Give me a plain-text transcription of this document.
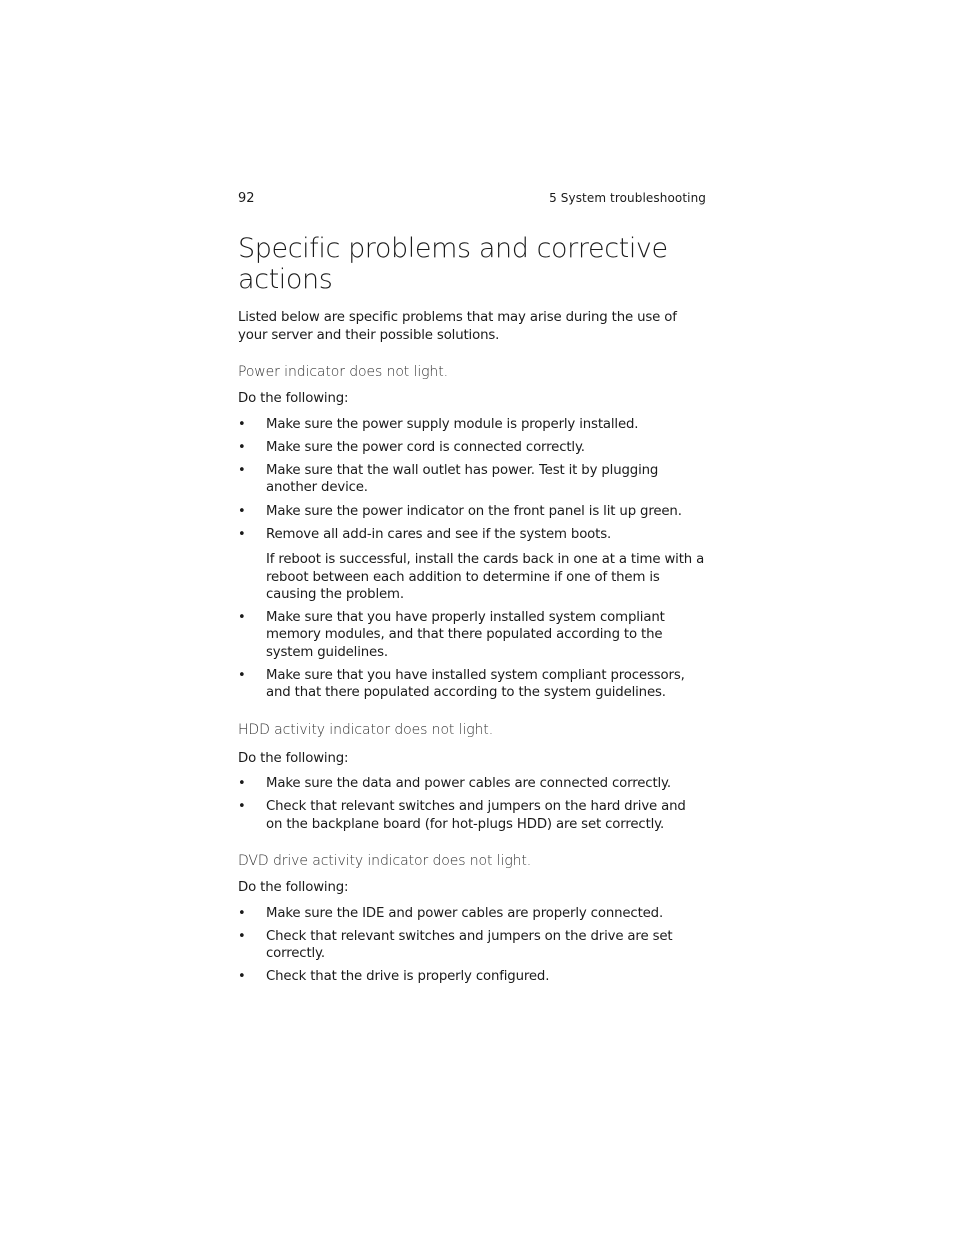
92	5 System troubleshooting
Specific problems and corrective actions

Listed below are specific problems that may arise during the use of your server and their possible solutions.

Power indicator does not light.

Do the following:

• Make sure the power supply module is properly installed.
• Make sure the power cord is connected correctly.
• Make sure that the wall outlet has power. Test it by plugging another device.
• Make sure the power indicator on the front panel is lit up green.
• Remove all add-in cares and see if the system boots.
If reboot is successful, install the cards back in one at a time with a reboot between each addition to determine if one of them is causing the problem.
• Make sure that you have properly installed system compliant memory modules, and that there populated according to the system guidelines.
• Make sure that you have installed system compliant processors, and that there populated according to the system guidelines.
HDD activity indicator does not light.

Do the following:

• Make sure the data and power cables are connected correctly.
• Check that relevant switches and jumpers on the hard drive and on the backplane board (for hot-plugs HDD) are set correctly.
DVD drive activity indicator does not light.

Do the following:

• Make sure the IDE and power cables are properly connected.
• Check that relevant switches and jumpers on the drive are set correctly.
• Check that the drive is properly configured.
